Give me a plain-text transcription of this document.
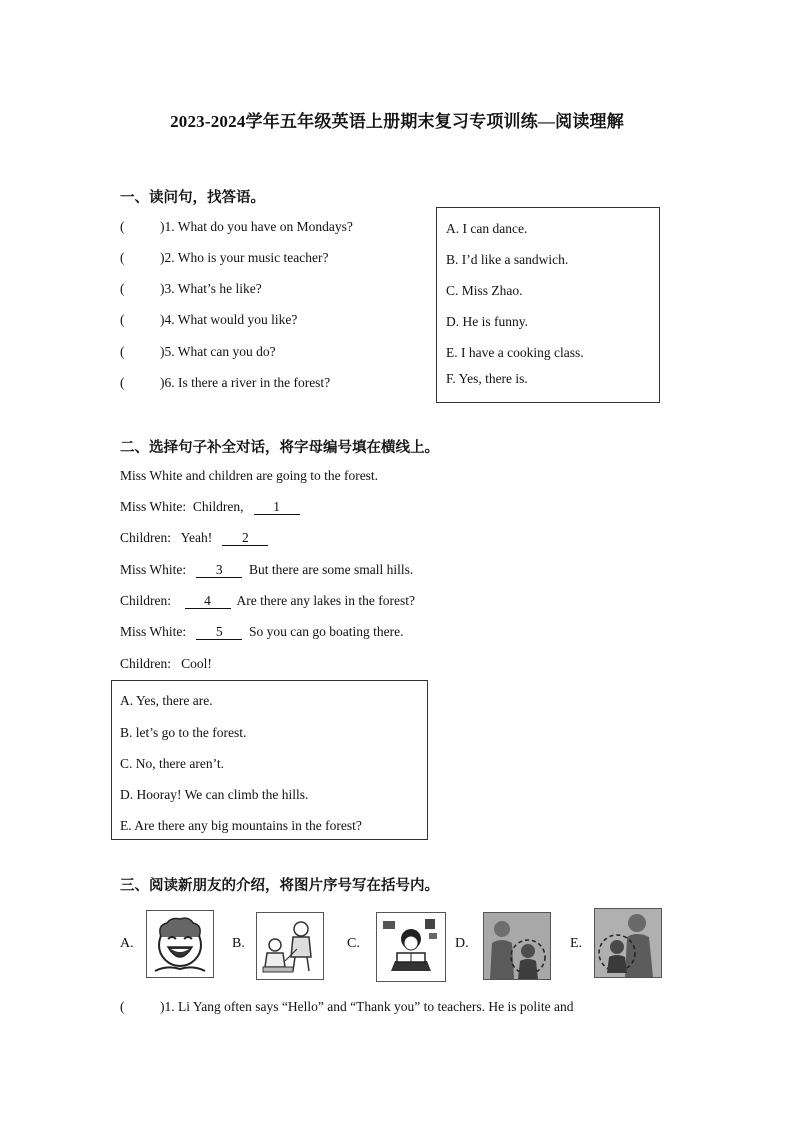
2023-2024学年五年级英语上册期末复习专项训练—阅读理解
一、读问句，找答语。
(	)1. What do you have on Mondays?
(	)2. Who is your music teacher?
(	)3. What’s he like?
(	)4. What would you like?
(	)5. What can you do?
(	)6. Is there a river in the forest?
A. I can dance.
B. I’d like a sandwich.
C. Miss Zhao.
D. He is funny.
E. I have a cooking class.
F. Yes, there is.
二、选择句子补全对话，将字母编号填在横线上。
Miss White and children are going to the forest.
Miss White: Children, 1
Children: Yeah! 2
Miss White: 3 But there are some small hills.
Children: 4 Are there any lakes in the forest?
Miss White: 5 So you can go boating there.
Children: Cool!
A. Yes, there are.
B. let’s go to the forest.
C. No, there aren’t.
D. Hooray! We can climb the hills.
E. Are there any big mountains in the forest?
三、阅读新朋友的介绍，将图片序号写在括号内。
A.	B.	C.	D.	E.
(	)1. Li Yang often says “Hello” and “Thank you” to teachers. He is polite and
